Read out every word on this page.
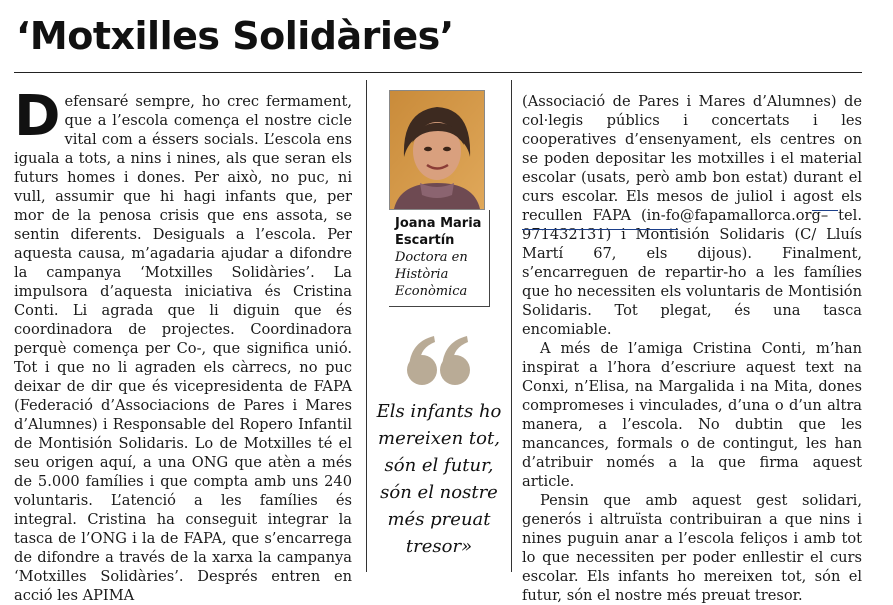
‘Motxilles Solidàries’

Defensaré sempre, ho crec fermament, que a l’escola comença el nostre cicle vital com a éssers socials. L’escola ens iguala a tots, a nins i nines, als que seran els futurs homes i dones. Per això, no puc, ni vull, assumir que hi hagi infants que, per mor de la penosa crisis que ens assota, se sentin diferents. Desiguals a l’escola. Per aquesta causa, m’agadaria ajudar a difondre la campanya ‘Motxilles Solidàries’. La impulsora d’aquesta iniciativa és Cristina Conti. Li agrada que li diguin que és coordinadora de projectes. Coordinadora perquè comença per Co-, que significa unió. Tot i que no li agraden els càrrecs, no puc deixar de dir que és vicepresidenta de FAPA (Federació d’Associacions de Pares i Mares d’Alumnes) i Responsable del Ropero Infantil de Montisión Solidaris. Lo de Motxilles té el seu origen aquí, a una ONG que atèn a més de 5.000 famílies i que compta amb uns 240 voluntaris. L’atenció a les famílies és integral. Cristina ha conseguit integrar la tasca de l’ONG i la de FAPA, que s’encarrega de difondre a través de la xarxa la campanya ‘Motxilles Solidàries’. Després entren en acció les APIMA

Joana Maria Escartín
Doctora en Història Econòmica
Els infants ho mereixen tot, són el futur, són el nostre més preuat tresor»

(Associació de Pares i Mares d’Alumnes) de col·legis públics i concertats i les cooperatives d’ensenyament, els centres on se poden depositar les motxilles i el material escolar (usats, però amb bon estat) durant el curs escolar. Els mesos de juliol i agost els recullen FAPA (in-fo@fapamallorca.org– tel. 971432131) i Montisión Solidaris (C/ Lluís Martí 67, els dijous). Finalment, s’encarreguen de repartir-ho a les famílies que ho necessiten els voluntaris de Montisión Solidaris. Tot plegat, és una tasca encomiable.

A més de l’amiga Cristina Conti, m’han inspirat a l’hora d’escriure aquest text na Conxi, n’Elisa, na Margalida i na Mita, dones compromeses i vinculades, d’una o d’un altra manera, a l’escola. No dubtin que les mancances, formals o de contingut, les han d’atribuir només a la que firma aquest article.

Pensin que amb aquest gest solidari, generós i altruïsta contribuiran a que nins i nines puguin anar a l’escola feliços i amb tot lo que necessiten per poder enllestir el curs escolar. Els infants ho mereixen tot, són el futur, són el nostre més preuat tresor.
